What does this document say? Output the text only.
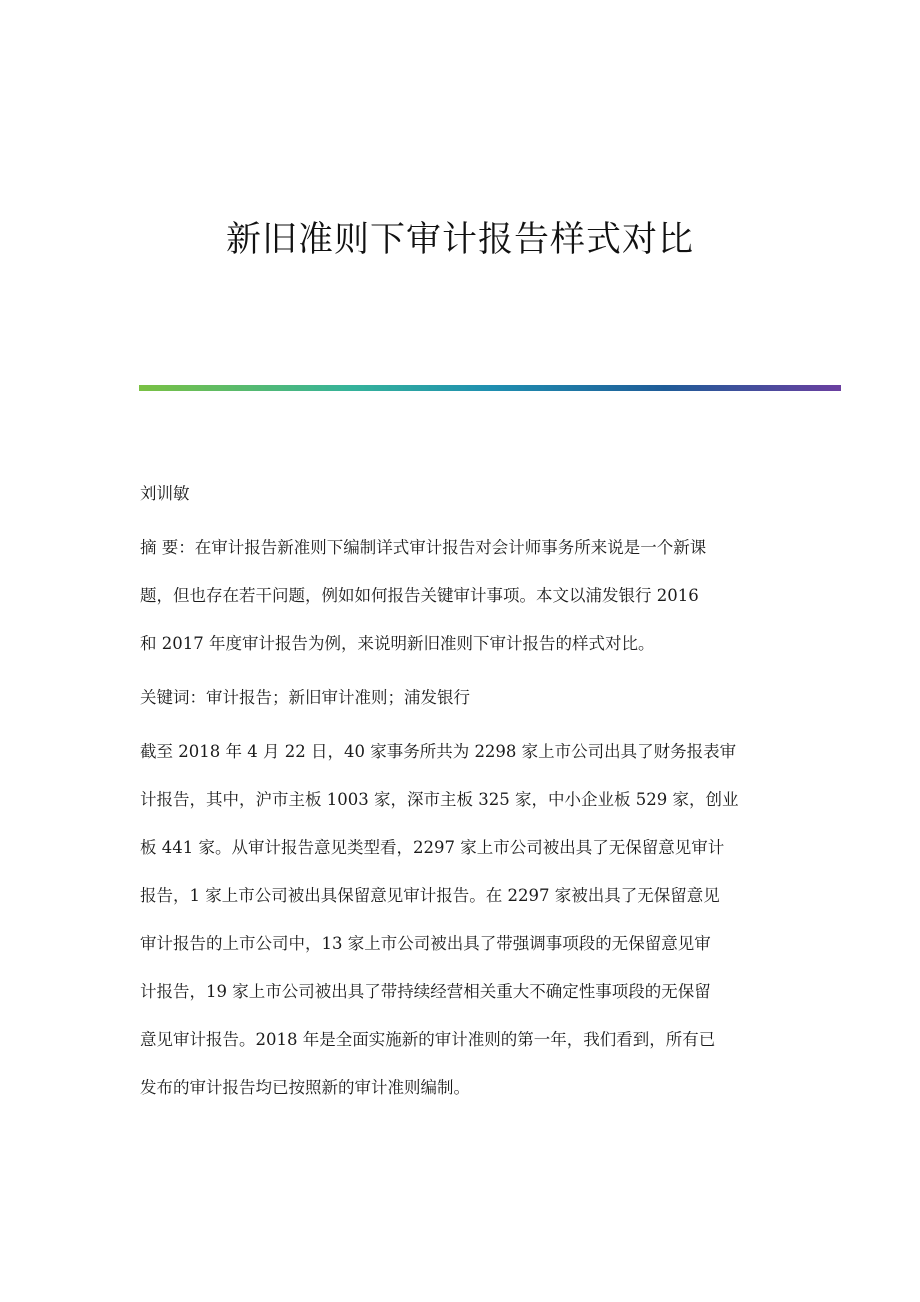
新旧准则下审计报告样式对比

刘训敏

摘 要：在审计报告新准则下编制详式审计报告对会计师事务所来说是一个新课

题，但也存在若干问题，例如如何报告关键审计事项。本文以浦发银行 2016

和 2017 年度审计报告为例，来说明新旧准则下审计报告的样式对比。

关键词：审计报告；新旧审计准则；浦发银行

截至 2018 年 4 月 22 日，40 家事务所共为 2298 家上市公司出具了财务报表审

计报告，其中，沪市主板 1003 家，深市主板 325 家，中小企业板 529 家，创业

板 441 家。从审计报告意见类型看，2297 家上市公司被出具了无保留意见审计

报告，1 家上市公司被出具保留意见审计报告。在 2297 家被出具了无保留意见

审计报告的上市公司中，13 家上市公司被出具了带强调事项段的无保留意见审

计报告，19 家上市公司被出具了带持续经营相关重大不确定性事项段的无保留

意见审计报告。2018 年是全面实施新的审计准则的第一年，我们看到，所有已

发布的审计报告均已按照新的审计准则编制。
